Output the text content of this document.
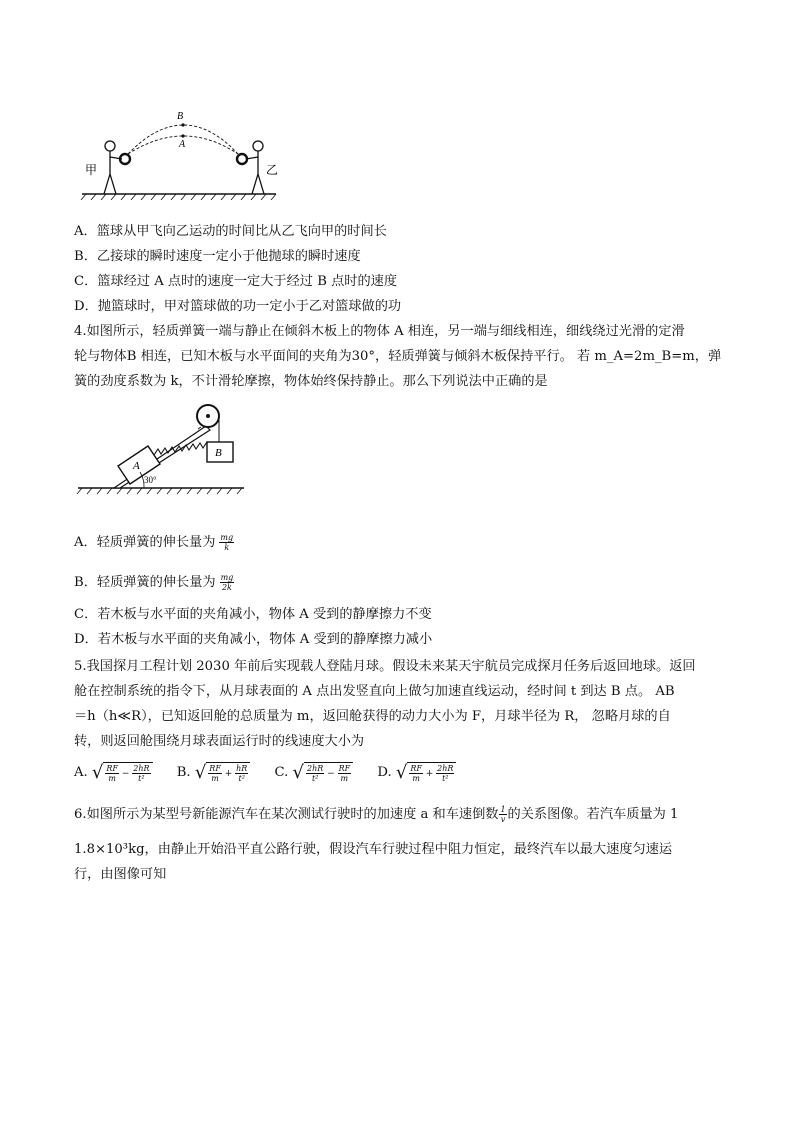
B
A
甲	乙
A．篮球从甲飞向乙运动的时间比从乙飞向甲的时间长
B．乙接球的瞬时速度一定小于他抛球的瞬时速度
C．篮球经过 A 点时的速度一定大于经过 B 点时的速度
D．抛篮球时，甲对篮球做的功一定小于乙对篮球做的功
4.如图所示，轻质弹簧一端与静止在倾斜木板上的物体 A 相连，另一端与细线相连，细线绕过光滑的定滑
轮与物体B 相连，已知木板与水平面间的夹角为30°，轻质弹簧与倾斜木板保持平行。 若 m_A=2m_B=m，弹
簧的劲度系数为 k，不计滑轮摩擦，物体始终保持静止。那么下列说法中正确的是
A
B
30°
A．轻质弹簧的伸长量为 $\frac{mg}{k}$
B．轻质弹簧的伸长量为 $\frac{mg}{2k}$
C．若木板与水平面的夹角减小，物体 A 受到的静摩擦力不变
D．若木板与水平面的夹角减小，物体 A 受到的静摩擦力减小
5.我国探月工程计划 2030 年前后实现载人登陆月球。假设未来某天宇航员完成探月任务后返回地球。返回
舱在控制系统的指令下，从月球表面的 A 点出发竖直向上做匀加速直线运动，经时间 t 到达 B 点。 AB
＝h（h≪R），已知返回舱的总质量为 m，返回舱获得的动力大小为 F，月球半径为 R， 忽略月球的自
转，则返回舱围绕月球表面运行时的线速度大小为
A. √ $\frac{RF}{m} - \frac{2hR}{\text{t²}} B$. √ $\frac{RF}{m} + \frac{hR}{\text{t²}} C$. √ $\frac{2hR}{\text{t²}} - \frac{RF}{m} D$. √ $\frac{RF}{m} + \frac{2hR}{\text{t²}}$
6.如图所示为某型号新能源汽车在某次测试行驶时的加速度 a 和车速倒数 $\frac{1}{v}$ 的关系图像。若汽车质量为 1
1.8×10³kg，由静止开始沿平直公路行驶，假设汽车行驶过程中阻力恒定，最终汽车以最大速度匀速运
行，由图像可知
